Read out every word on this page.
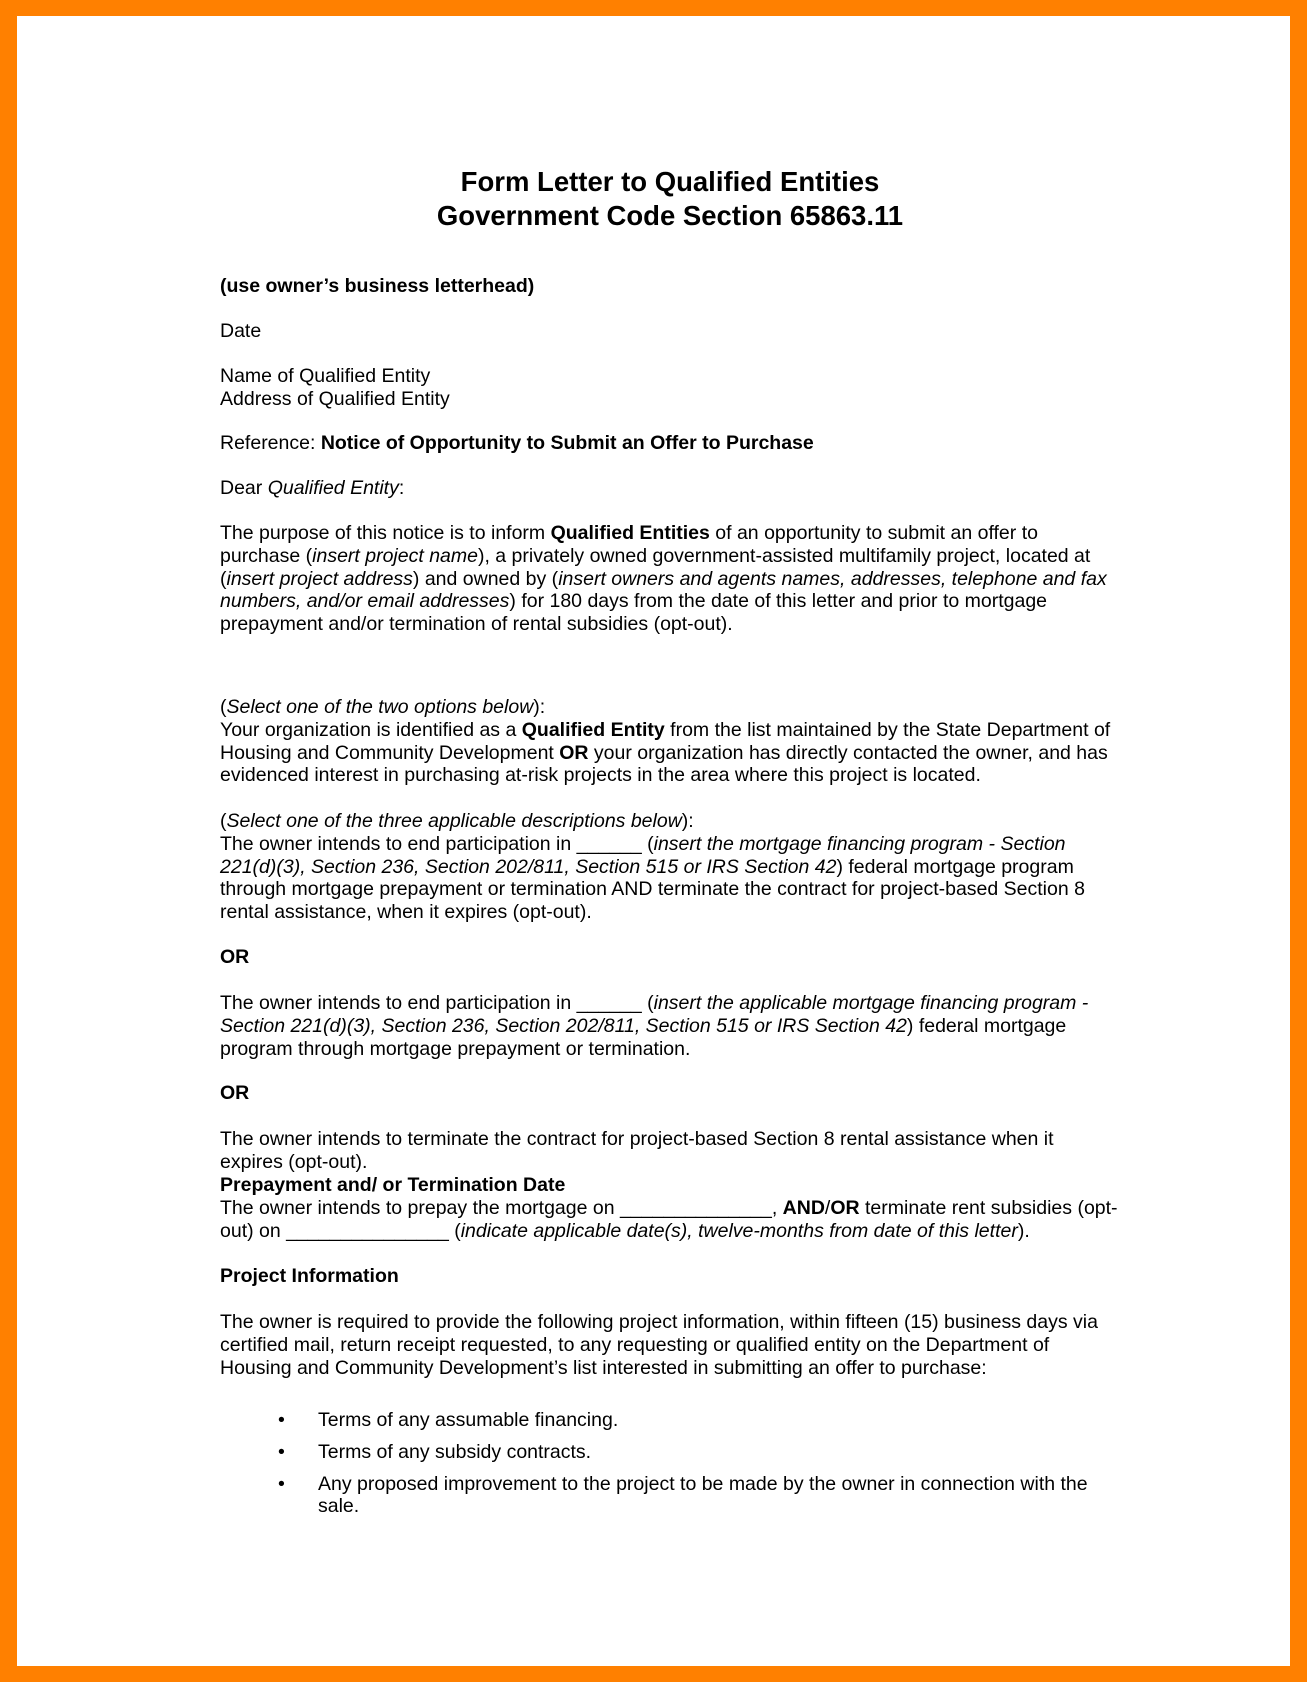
Form Letter to Qualified Entities
Government Code Section 65863.11

(use owner’s business letterhead)

Date

Name of Qualified Entity
Address of Qualified Entity

Reference: Notice of Opportunity to Submit an Offer to Purchase

Dear Qualified Entity:

The purpose of this notice is to inform Qualified Entities of an opportunity to submit an offer to purchase (insert project name), a privately owned government-assisted multifamily project, located at (insert project address) and owned by (insert owners and agents names, addresses, telephone and fax numbers, and/or email addresses) for 180 days from the date of this letter and prior to mortgage prepayment and/or termination of rental subsidies (opt-out).

(Select one of the two options below):
Your organization is identified as a Qualified Entity from the list maintained by the State Department of Housing and Community Development OR your organization has directly contacted the owner, and has evidenced interest in purchasing at-risk projects in the area where this project is located.

(Select one of the three applicable descriptions below):
The owner intends to end participation in ______ (insert the mortgage financing program - Section 221(d)(3), Section 236, Section 202/811, Section 515 or IRS Section 42) federal mortgage program through mortgage prepayment or termination AND terminate the contract for project-based Section 8 rental assistance, when it expires (opt-out).

OR

The owner intends to end participation in ______ (insert the applicable mortgage financing program - Section 221(d)(3), Section 236, Section 202/811, Section 515 or IRS Section 42) federal mortgage program through mortgage prepayment or termination.

OR

The owner intends to terminate the contract for project-based Section 8 rental assistance when it expires (opt-out).

Prepayment and/ or Termination Date
The owner intends to prepay the mortgage on ______________, AND/OR terminate rent subsidies (opt-out) on _______________ (indicate applicable date(s), twelve-months from date of this letter).

Project Information

The owner is required to provide the following project information, within fifteen (15) business days via certified mail, return receipt requested, to any requesting or qualified entity on the Department of Housing and Community Development’s list interested in submitting an offer to purchase:

• Terms of any assumable financing.
• Terms of any subsidy contracts.
• Any proposed improvement to the project to be made by the owner in connection with the sale.
